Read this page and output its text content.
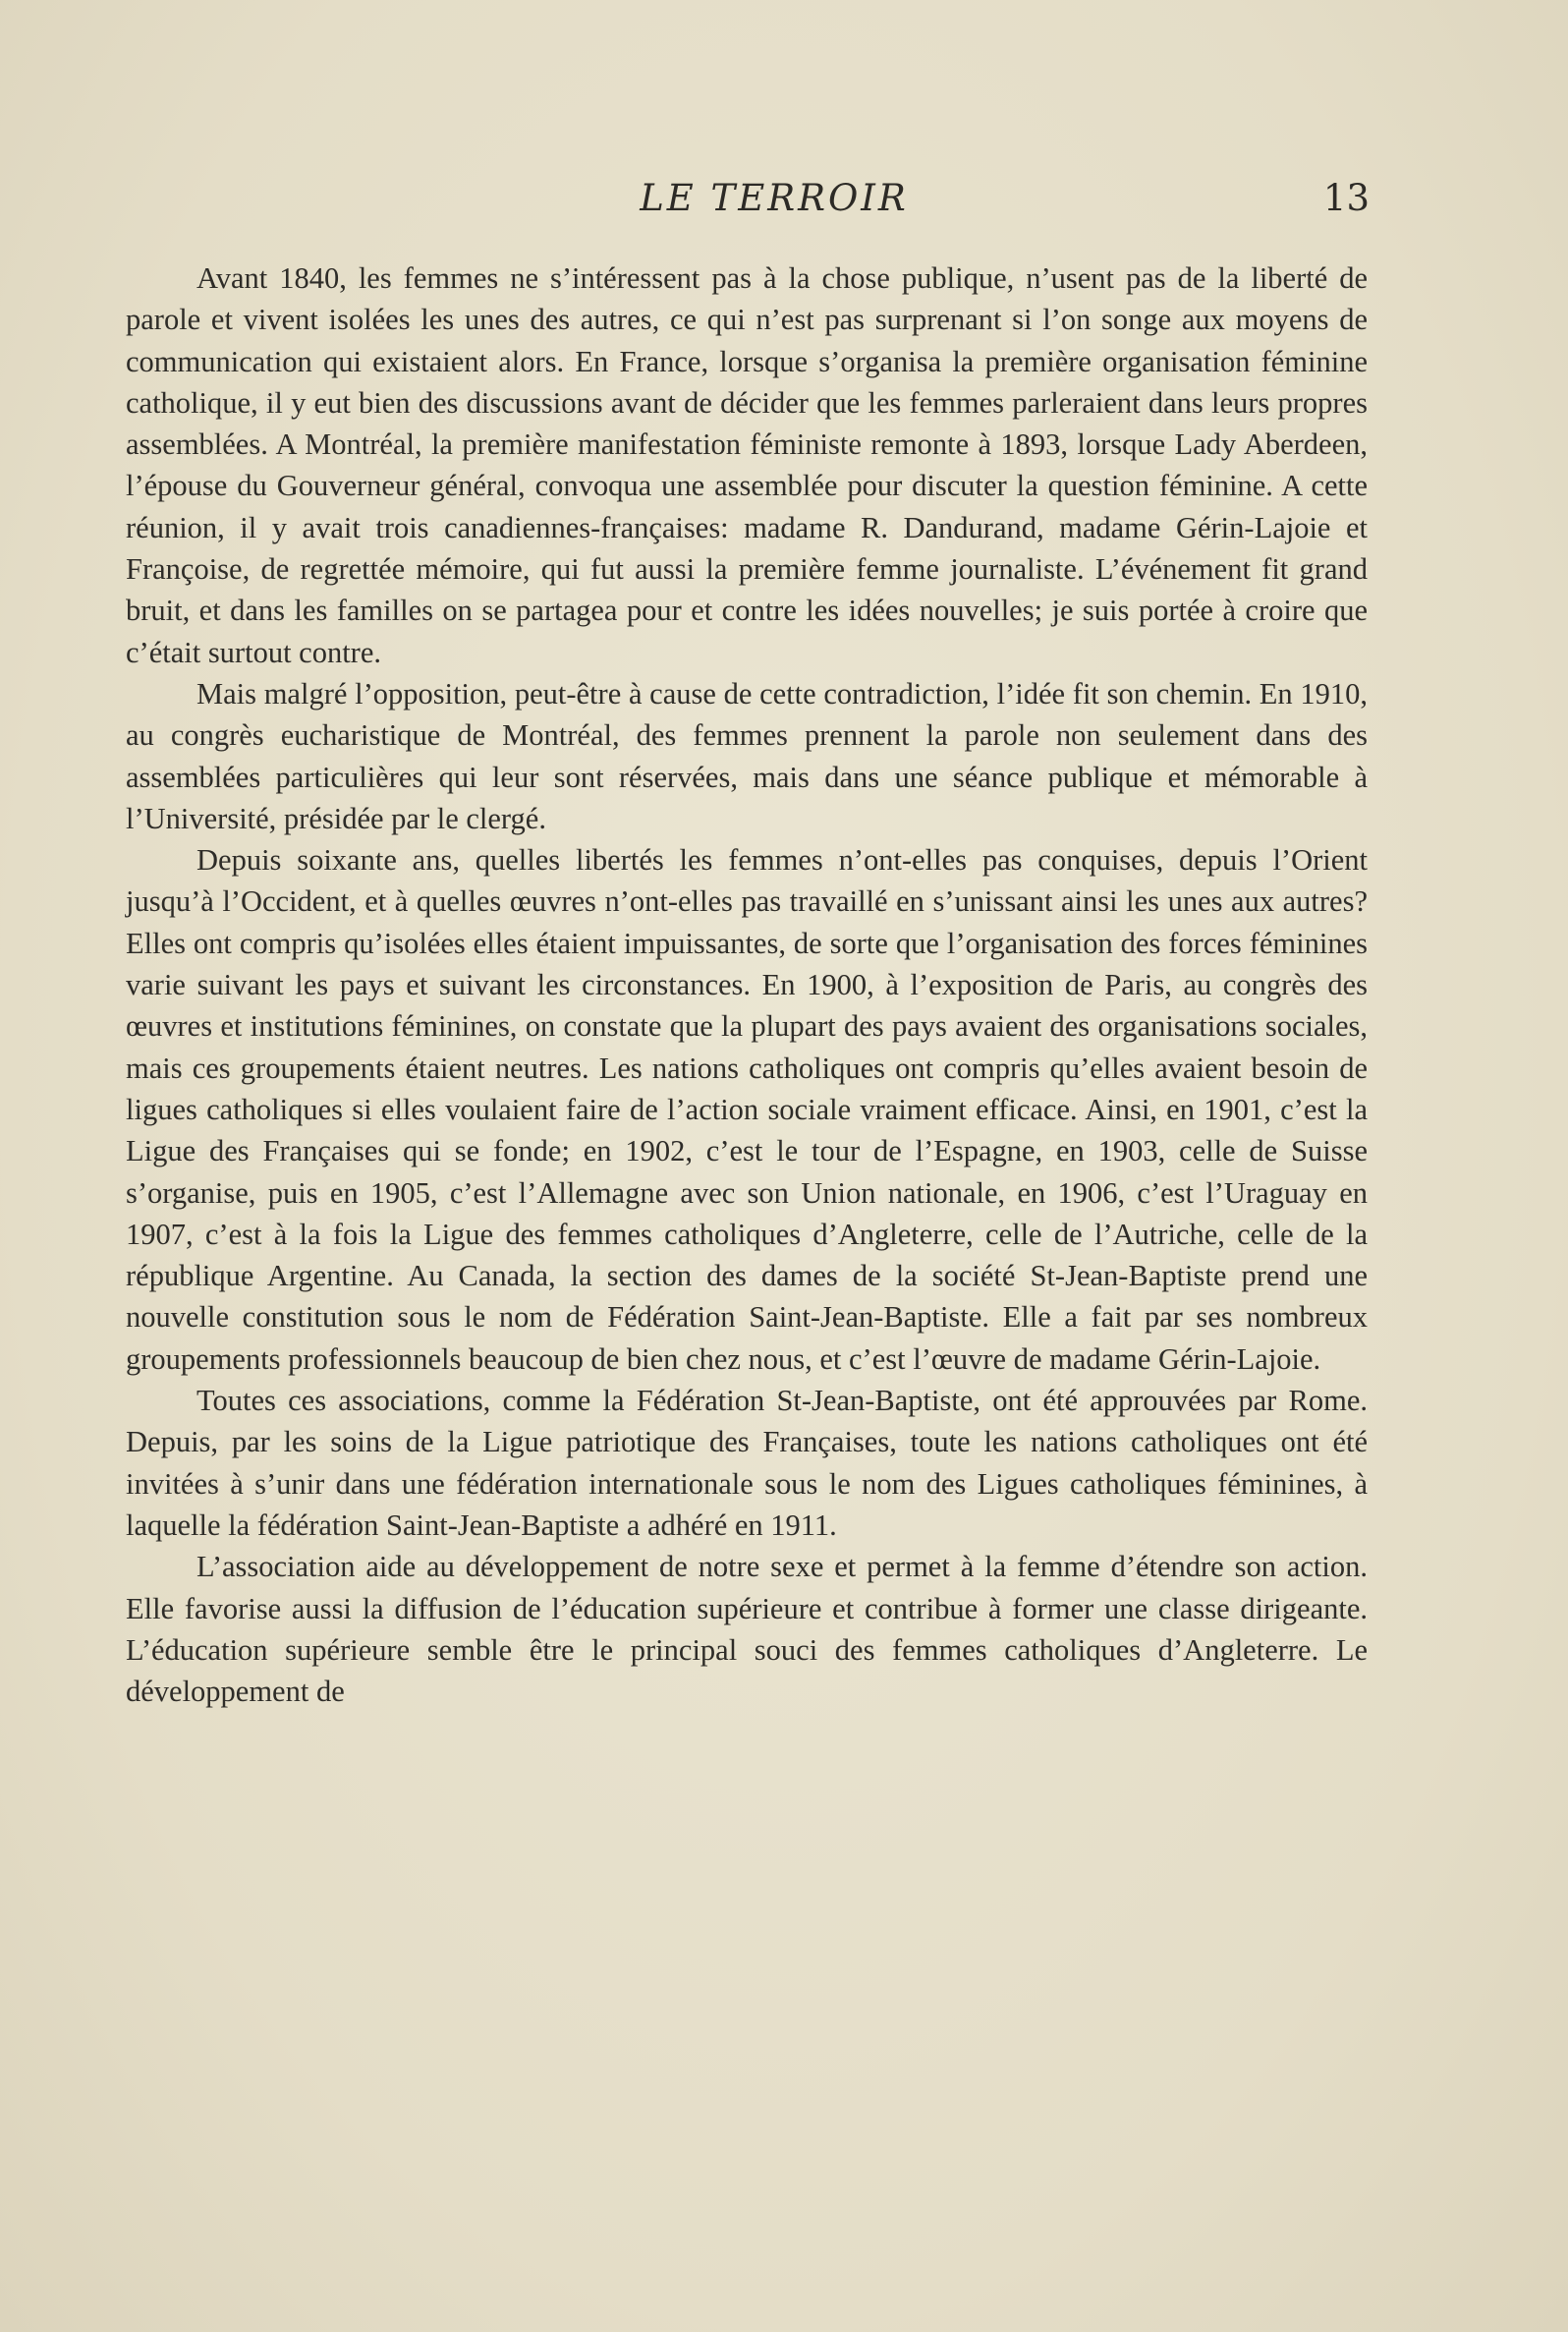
LE TERROIR	13

Avant 1840, les femmes ne s’intéressent pas à la chose publique, n’usent pas de la liberté de parole et vivent isolées les unes des autres, ce qui n’est pas surprenant si l’on songe aux moyens de communication qui existaient alors. En France, lorsque s’organisa la première organisation féminine catholique, il y eut bien des discussions avant de décider que les femmes parleraient dans leurs propres assemblées. A Montréal, la première manifestation féministe remonte à 1893, lorsque Lady Aberdeen, l’épouse du Gouverneur général, convoqua une assemblée pour discuter la question féminine. A cette réunion, il y avait trois canadiennes-françaises: madame R. Dandurand, madame Gérin-Lajoie et Françoise, de regrettée mémoire, qui fut aussi la première femme journaliste. L’événement fit grand bruit, et dans les familles on se partagea pour et contre les idées nouvelles; je suis portée à croire que c’était surtout contre.

Mais malgré l’opposition, peut-être à cause de cette contradiction, l’idée fit son chemin. En 1910, au congrès eucharistique de Montréal, des femmes prennent la parole non seulement dans des assemblées particulières qui leur sont réservées, mais dans une séance publique et mémorable à l’Université, présidée par le clergé.

Depuis soixante ans, quelles libertés les femmes n’ont-elles pas conquises, depuis l’Orient jusqu’à l’Occident, et à quelles œuvres n’ont-elles pas travaillé en s’unissant ainsi les unes aux autres? Elles ont compris qu’isolées elles étaient impuissantes, de sorte que l’organisation des forces féminines varie suivant les pays et suivant les circonstances. En 1900, à l’exposition de Paris, au congrès des œuvres et institutions féminines, on constate que la plupart des pays avaient des organisations sociales, mais ces groupements étaient neutres. Les nations catholiques ont compris qu’elles avaient besoin de ligues catholiques si elles voulaient faire de l’action sociale vraiment efficace. Ainsi, en 1901, c’est la Ligue des Françaises qui se fonde; en 1902, c’est le tour de l’Espagne, en 1903, celle de Suisse s’organise, puis en 1905, c’est l’Allemagne avec son Union nationale, en 1906, c’est l’Uraguay en 1907, c’est à la fois la Ligue des femmes catholiques d’Angleterre, celle de l’Autriche, celle de la république Argentine. Au Canada, la section des dames de la société St-Jean-Baptiste prend une nouvelle constitution sous le nom de Fédération Saint-Jean-Baptiste. Elle a fait par ses nombreux groupements professionnels beaucoup de bien chez nous, et c’est l’œuvre de madame Gérin-Lajoie.

Toutes ces associations, comme la Fédération St-Jean-Baptiste, ont été approuvées par Rome. Depuis, par les soins de la Ligue patriotique des Françaises, toute les nations catholiques ont été invitées à s’unir dans une fédération internationale sous le nom des Ligues catholiques féminines, à laquelle la fédération Saint-Jean-Baptiste a adhéré en 1911.

L’association aide au développement de notre sexe et permet à la femme d’étendre son action. Elle favorise aussi la diffusion de l’éducation supérieure et contribue à former une classe dirigeante. L’éducation supérieure semble être le principal souci des femmes catholiques d’Angleterre. Le développement de
